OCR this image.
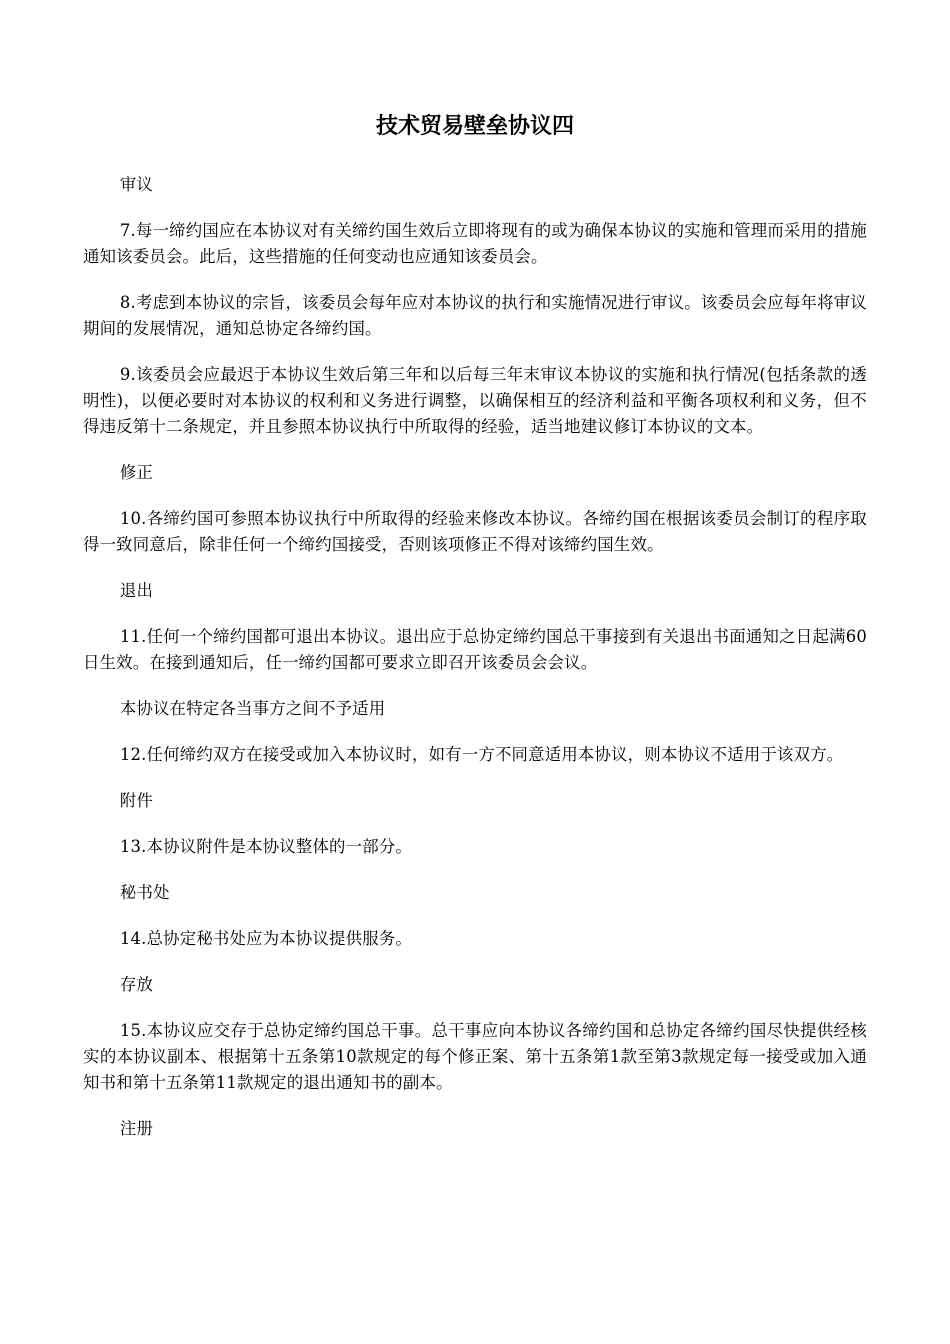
技术贸易壁垒协议四

审议

7.每一缔约国应在本协议对有关缔约国生效后立即将现有的或为确保本协议的实施和管理而采用的措施通知该委员会。此后，这些措施的任何变动也应通知该委员会。

8.考虑到本协议的宗旨，该委员会每年应对本协议的执行和实施情况进行审议。该委员会应每年将审议期间的发展情况，通知总协定各缔约国。

9.该委员会应最迟于本协议生效后第三年和以后每三年末审议本协议的实施和执行情况(包括条款的透明性)，以便必要时对本协议的权利和义务进行调整，以确保相互的经济利益和平衡各项权利和义务，但不得违反第十二条规定，并且参照本协议执行中所取得的经验，适当地建议修订本协议的文本。

修正

10.各缔约国可参照本协议执行中所取得的经验来修改本协议。各缔约国在根据该委员会制订的程序取得一致同意后，除非任何一个缔约国接受，否则该项修正不得对该缔约国生效。

退出

11.任何一个缔约国都可退出本协议。退出应于总协定缔约国总干事接到有关退出书面通知之日起满60日生效。在接到通知后，任一缔约国都可要求立即召开该委员会会议。

本协议在特定各当事方之间不予适用

12.任何缔约双方在接受或加入本协议时，如有一方不同意适用本协议，则本协议不适用于该双方。

附件

13.本协议附件是本协议整体的一部分。

秘书处

14.总协定秘书处应为本协议提供服务。

存放

15.本协议应交存于总协定缔约国总干事。总干事应向本协议各缔约国和总协定各缔约国尽快提供经核实的本协议副本、根据第十五条第10款规定的每个修正案、第十五条第1款至第3款规定每一接受或加入通知书和第十五条第11款规定的退出通知书的副本。

注册
